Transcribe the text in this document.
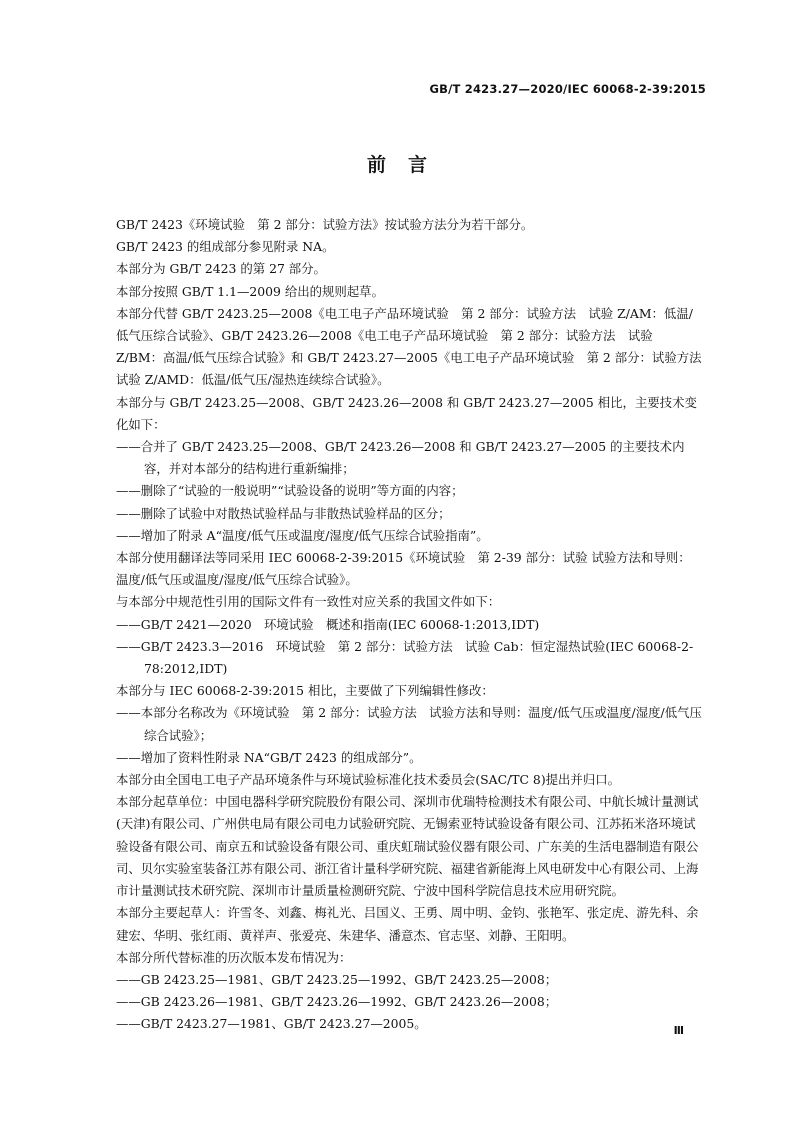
GB/T 2423.27—2020/IEC 60068-2-39:2015
前言

GB/T 2423《环境试验　第 2 部分：试验方法》按试验方法分为若干部分。

GB/T 2423 的组成部分参见附录 NA。

本部分为 GB/T 2423 的第 27 部分。

本部分按照 GB/T 1.1—2009 给出的规则起草。

本部分代替 GB/T 2423.25—2008《电工电子产品环境试验　第 2 部分：试验方法　试验 Z/AM：低温/低气压综合试验》、GB/T 2423.26—2008《电工电子产品环境试验　第 2 部分：试验方法　试验 Z/BM：高温/低气压综合试验》和 GB/T 2423.27—2005《电工电子产品环境试验　第 2 部分：试验方法　试验 Z/AMD：低温/低气压/湿热连续综合试验》。

本部分与 GB/T 2423.25—2008、GB/T 2423.26—2008 和 GB/T 2423.27—2005 相比，主要技术变化如下：

——合并了 GB/T 2423.25—2008、GB/T 2423.26—2008 和 GB/T 2423.27—2005 的主要技术内容，并对本部分的结构进行重新编排；

——删除了“试验的一般说明”“试验设备的说明”等方面的内容；

——删除了试验中对散热试验样品与非散热试验样品的区分；

——增加了附录 A“温度/低气压或温度/湿度/低气压综合试验指南”。

本部分使用翻译法等同采用 IEC 60068-2-39:2015《环境试验　第 2-39 部分：试验 试验方法和导则：温度/低气压或温度/湿度/低气压综合试验》。

与本部分中规范性引用的国际文件有一致性对应关系的我国文件如下：

——GB/T 2421—2020　环境试验　概述和指南(IEC 60068-1:2013,IDT)

——GB/T 2423.3—2016　环境试验　第 2 部分：试验方法　试验 Cab：恒定湿热试验(IEC 60068-2-78:2012,IDT)

本部分与 IEC 60068-2-39:2015 相比，主要做了下列编辑性修改：

——本部分名称改为《环境试验　第 2 部分：试验方法　试验方法和导则：温度/低气压或温度/湿度/低气压综合试验》；

——增加了资料性附录 NA“GB/T 2423 的组成部分”。

本部分由全国电工电子产品环境条件与环境试验标准化技术委员会(SAC/TC 8)提出并归口。

本部分起草单位：中国电器科学研究院股份有限公司、深圳市优瑞特检测技术有限公司、中航长城计量测试(天津)有限公司、广州供电局有限公司电力试验研究院、无锡索亚特试验设备有限公司、江苏拓米洛环境试验设备有限公司、南京五和试验设备有限公司、重庆虹瑞试验仪器有限公司、广东美的生活电器制造有限公司、贝尔实验室装备江苏有限公司、浙江省计量科学研究院、福建省新能海上风电研发中心有限公司、上海市计量测试技术研究院、深圳市计量质量检测研究院、宁波中国科学院信息技术应用研究院。

本部分主要起草人：许雪冬、刘鑫、梅礼光、吕国义、王勇、周中明、金钧、张艳军、张定虎、游先科、余建宏、华明、张红雨、黄祥声、张爱亮、朱建华、潘意杰、官志坚、刘静、王阳明。

本部分所代替标准的历次版本发布情况为：

——GB 2423.25—1981、GB/T 2423.25—1992、GB/T 2423.25—2008；

——GB 2423.26—1981、GB/T 2423.26—1992、GB/T 2423.26—2008；

——GB/T 2423.27—1981、GB/T 2423.27—2005。	Ⅲ
